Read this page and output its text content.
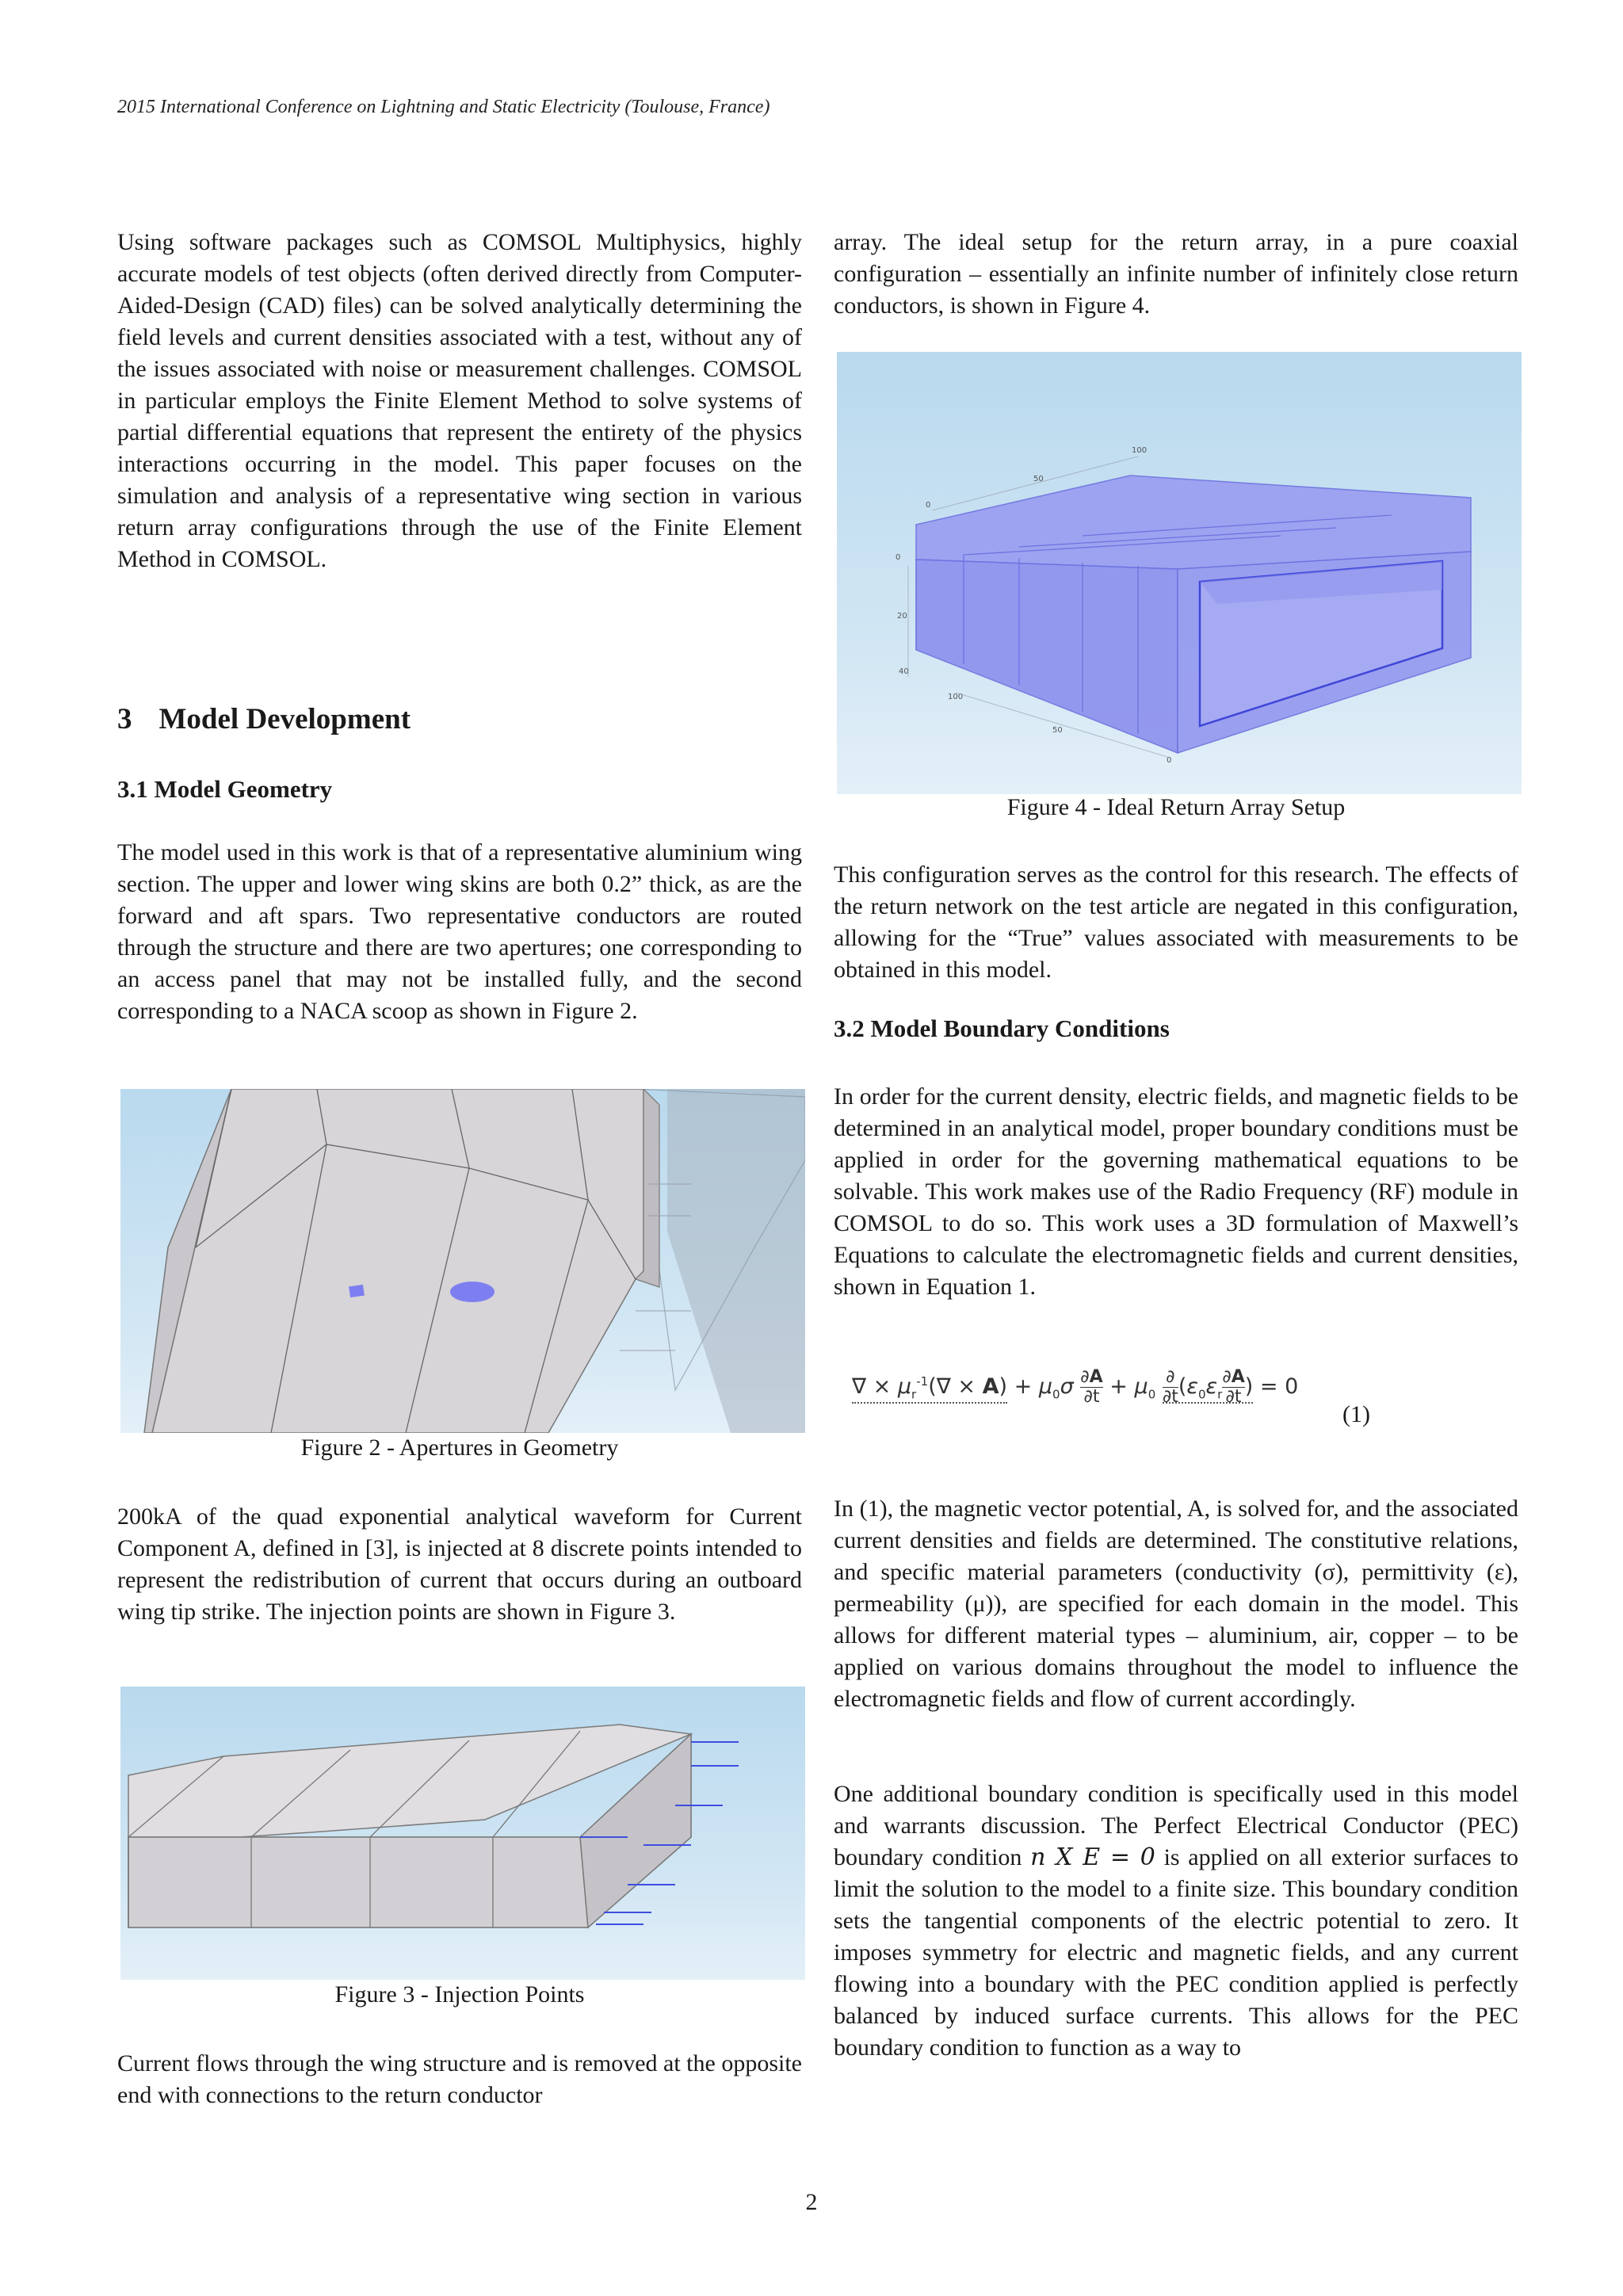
2015 International Conference on Lightning and Static Electricity (Toulouse, France)

Using software packages such as COMSOL Multiphysics, highly accurate models of test objects (often derived directly from Computer-Aided-Design (CAD) files) can be solved analytically determining the field levels and current densities associated with a test, without any of the issues associated with noise or measurement challenges. COMSOL in particular employs the Finite Element Method to solve systems of partial differential equations that represent the entirety of the physics interactions occurring in the model. This paper focuses on the simulation and analysis of a representative wing section in various return array configurations through the use of the Finite Element Method in COMSOL.

3 Model Development
3.1 Model Geometry

The model used in this work is that of a representative aluminium wing section. The upper and lower wing skins are both 0.2” thick, as are the forward and aft spars. Two representative conductors are routed through the structure and there are two apertures; one corresponding to an access panel that may not be installed fully, and the second corresponding to a NACA scoop as shown in Figure 2.

Figure 2 - Apertures in Geometry

200kA of the quad exponential analytical waveform for Current Component A, defined in [3], is injected at 8 discrete points intended to represent the redistribution of current that occurs during an outboard wing tip strike. The injection points are shown in Figure 3.

Figure 3 - Injection Points

Current flows through the wing structure and is removed at the opposite end with connections to the return conductor

array. The ideal setup for the return array, in a pure coaxial configuration – essentially an infinite number of infinitely close return conductors, is shown in Figure 4.

100
50
0
0
20
40
100
50
0
Figure 4 - Ideal Return Array Setup

This configuration serves as the control for this research. The effects of the return network on the test article are negated in this configuration, allowing for the “True” values associated with measurements to be obtained in this model.

3.2 Model Boundary Conditions

In order for the current density, electric fields, and magnetic fields to be determined in an analytical model, proper boundary conditions must be applied in order for the governing mathematical equations to be solvable. This work makes use of the Radio Frequency (RF) module in COMSOL to do so. This work uses a 3D formulation of Maxwell’s Equations to calculate the electromagnetic fields and current densities, shown in Equation 1.

∇ × $\mu_r^{-1}(\nabla \times A) + \mu_0\sigma \frac{\partial A}{\partial t} + \mu_0$
∂
∂t ($\varepsilon_0\varepsilon_r \frac{\partial A}{\partial t}$ ) = 0
(1)

In (1), the magnetic vector potential, A, is solved for, and the associated current densities and fields are determined. The constitutive relations, and specific material parameters (conductivity (σ), permittivity (ε), permeability (μ)), are specified for each domain in the model. This allows for different material types – aluminium, air, copper – to be applied on various domains throughout the model to influence the electromagnetic fields and flow of current accordingly.

One additional boundary condition is specifically used in this model and warrants discussion. The Perfect Electrical Conductor (PEC) boundary condition n X E = 0 is applied on all exterior surfaces to limit the solution to the model to a finite size. This boundary condition sets the tangential components of the electric potential to zero. It imposes symmetry for electric and magnetic fields, and any current flowing into a boundary with the PEC condition applied is perfectly balanced by induced surface currents. This allows for the PEC boundary condition to function as a way to

2
